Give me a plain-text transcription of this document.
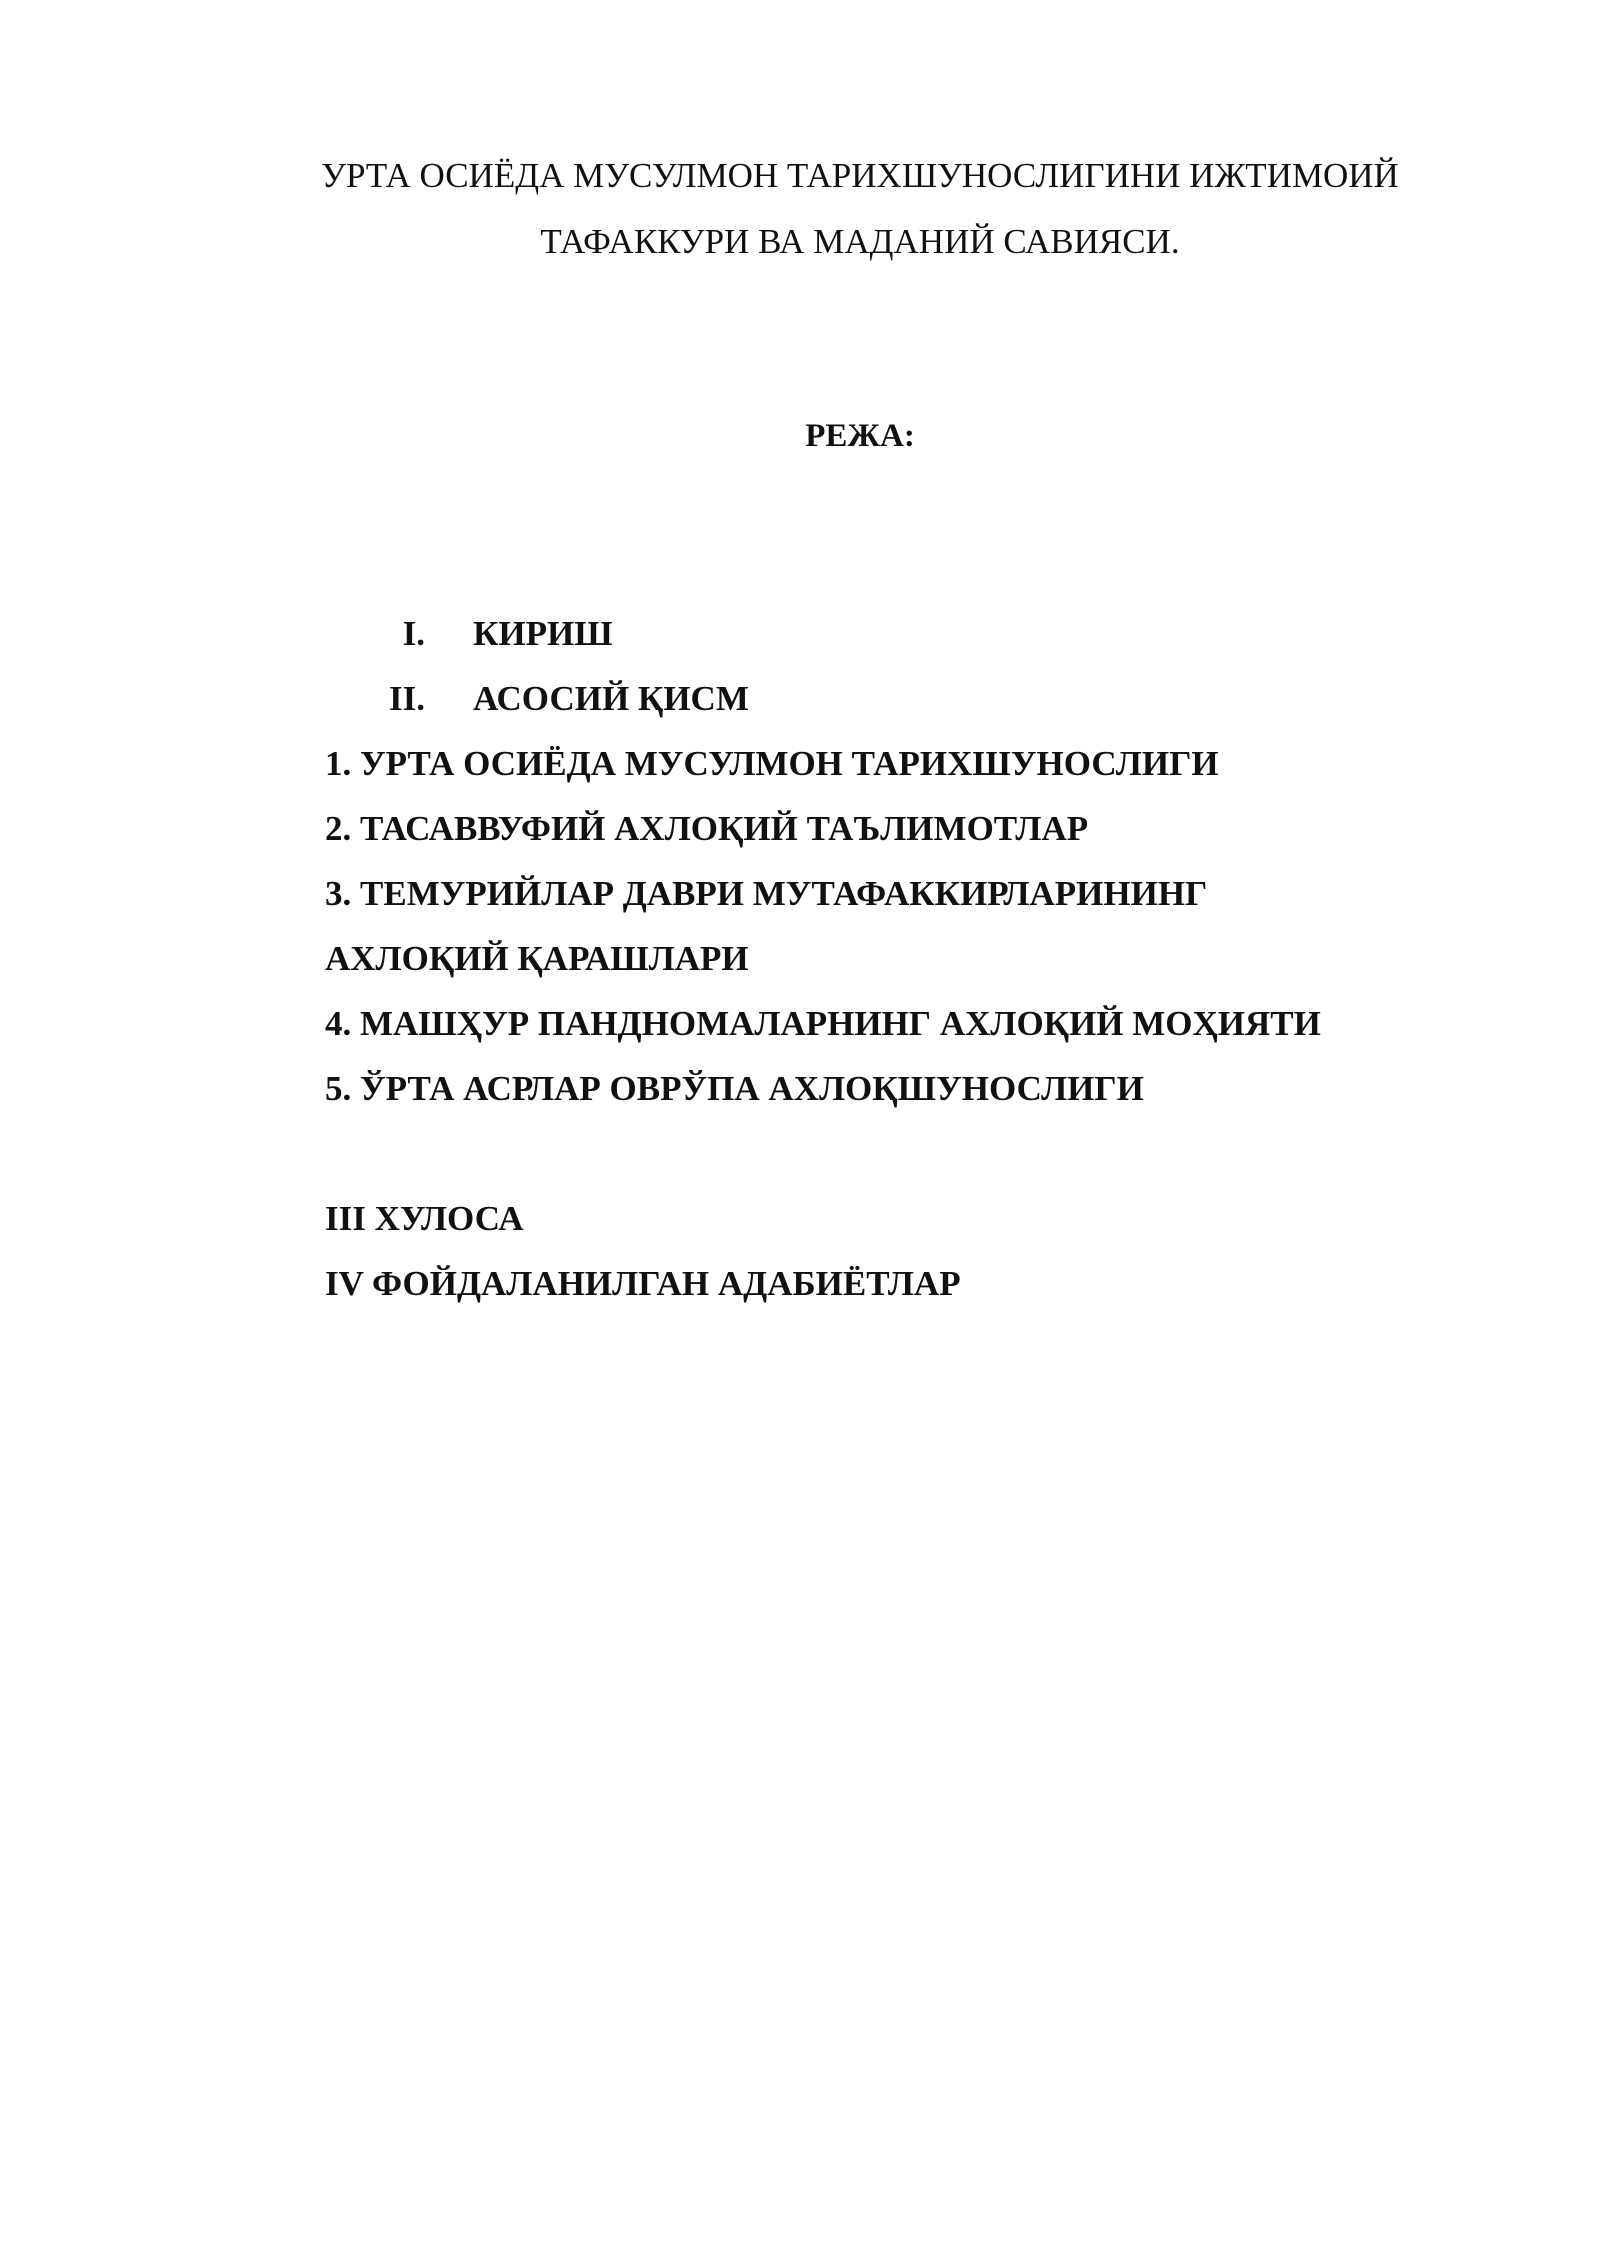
УРТА ОСИЁДА МУСУЛМОН ТАРИХШУНОСЛИГИНИ ИЖТИМОИЙ
ТАФАККУРИ ВА МАДАНИЙ САВИЯСИ.
РЕЖА:
I. КИРИШ
II. АСОСИЙ ҚИСМ
1. УРТА ОСИЁДА МУСУЛМОН ТАРИХШУНОСЛИГИ
2. ТАСАВВУФИЙ АХЛОҚИЙ ТАЪЛИМОТЛАР
3. ТЕМУРИЙЛАР ДАВРИ МУТАФАККИРЛАРИНИНГ
АХЛОҚИЙ ҚАРАШЛАРИ
4. МАШҲУР ПАНДНОМАЛАРНИНГ АХЛОҚИЙ МОҲИЯТИ
5. ЎРТА АСРЛАР ОВРЎПА АХЛОҚШУНОСЛИГИ
III ХУЛОСА
IV ФОЙДАЛАНИЛГАН АДАБИЁТЛАР
